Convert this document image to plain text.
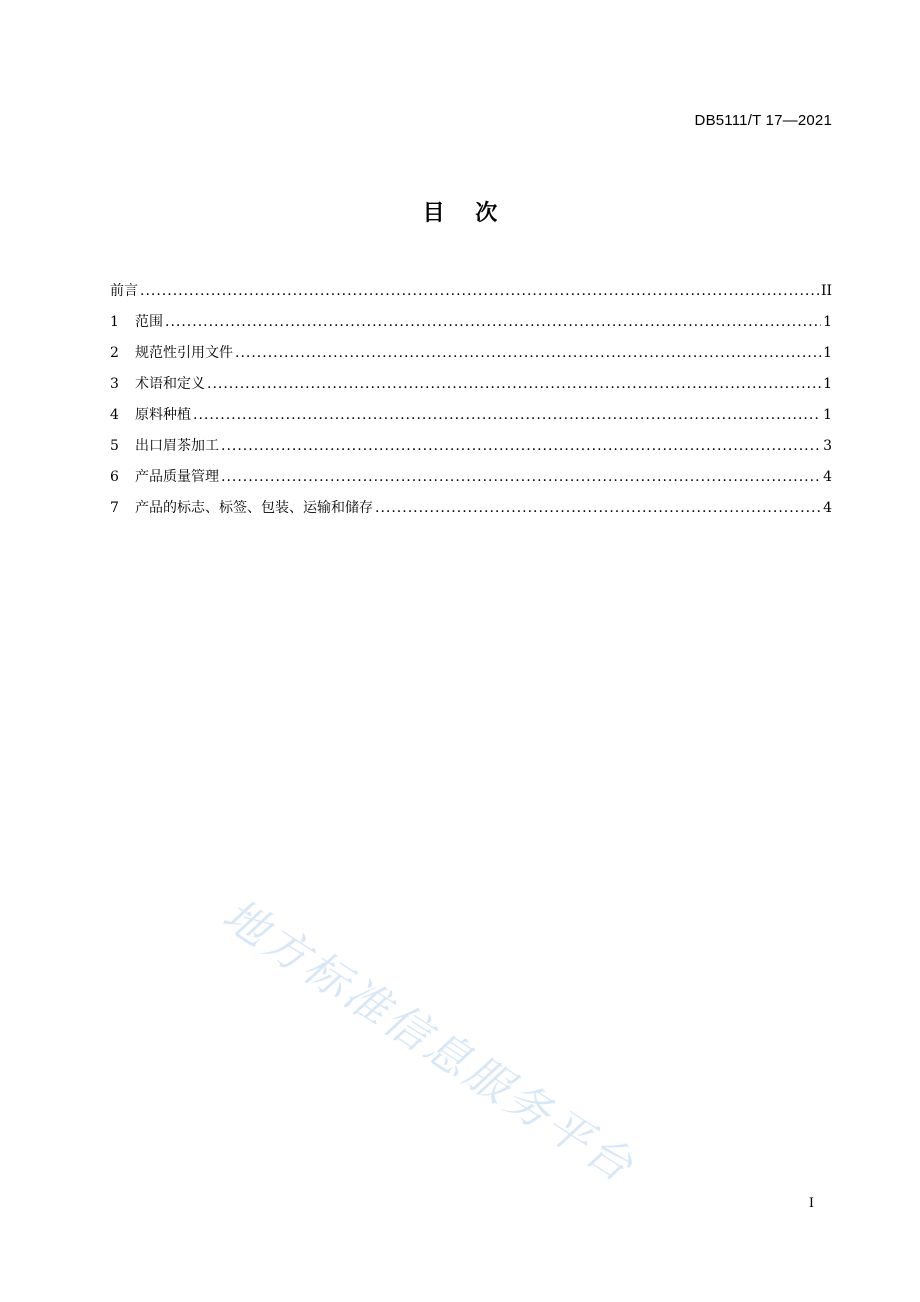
DB5111/T 17—2021
目    次
前言 .....	II
1	范围 .....	1
2	规范性引用文件 .....	1
3	术语和定义 .....	1
4	原料种植 .....	1
5	出口眉茶加工 .....	3
6	产品质量管理 .....	4
7	产品的标志、标签、包装、运输和储存 .....	4
地方标准信息服务平台
I
